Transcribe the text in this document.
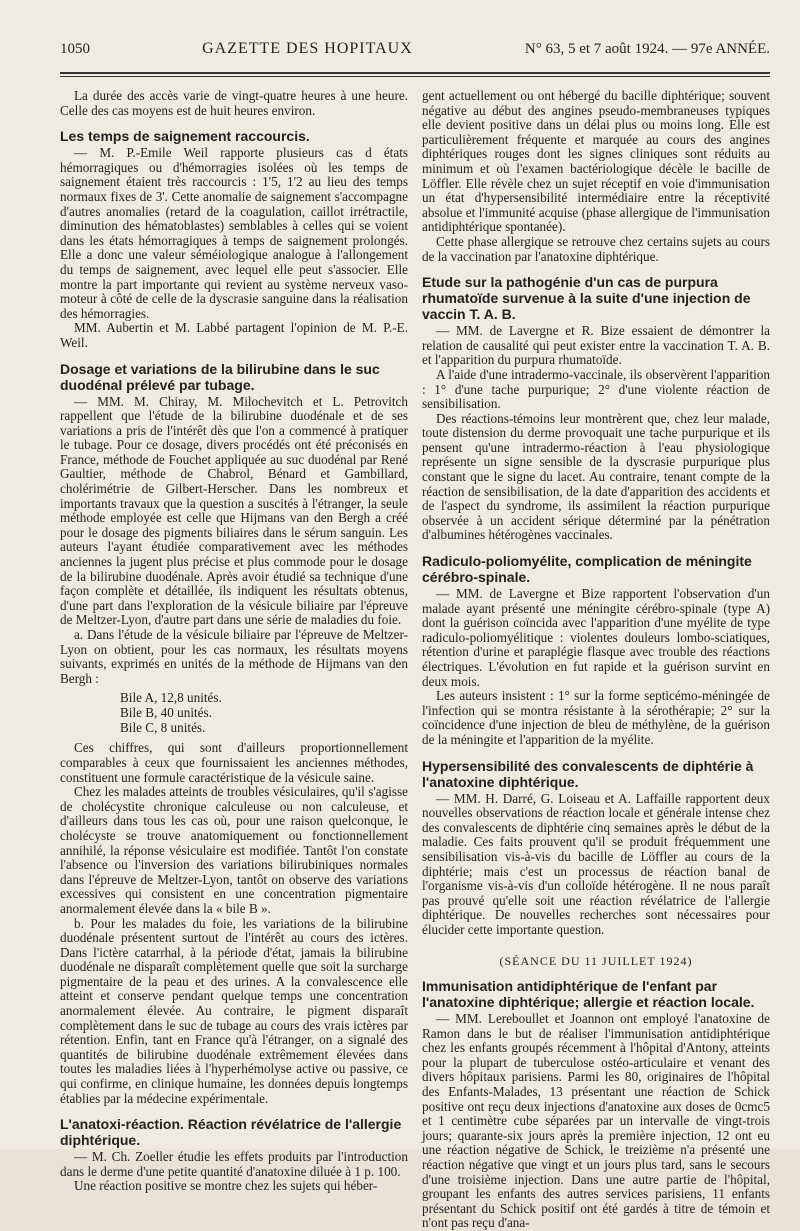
1050	GAZETTE DES HOPITAUX	N° 63, 5 et 7 août 1924. — 97e ANNÉE.

La durée des accès varie de vingt-quatre heures à une heure. Celle des cas moyens est de huit heures environ.

Les temps de saignement raccourcis.

— M. P.-Emile Weil rapporte plusieurs cas d états hémorragiques ou d'hémorragies isolées où les temps de saignement étaient très raccourcis : 1'5, 1'2 au lieu des temps normaux fixes de 3'. Cette anomalie de saignement s'accompagne d'autres anomalies (retard de la coagulation, caillot irrétractile, diminution des hématoblastes) semblables à celles qui se voient dans les états hémorragiques à temps de saignement prolongés. Elle a donc une valeur séméiologique analogue à l'allongement du temps de saignement, avec lequel elle peut s'associer. Elle montre la part importante qui revient au système nerveux vaso-moteur à côté de celle de la dyscrasie sanguine dans la réalisation des hémorragies.

MM. Aubertin et M. Labbé partagent l'opinion de M. P.-E. Weil.

Dosage et variations de la bilirubine dans le suc duodénal prélevé par tubage.

— MM. M. Chiray, M. Milochevitch et L. Petrovitch rappellent que l'étude de la bilirubine duodénale et de ses variations a pris de l'intérêt dès que l'on a commencé à pratiquer le tubage. Pour ce dosage, divers procédés ont été préconisés en France, méthode de Fouchet appliquée au suc duodénal par René Gaultier, méthode de Chabrol, Bénard et Gambillard, cholérimétrie de Gilbert-Herscher. Dans les nombreux et importants travaux que la question a suscités à l'étranger, la seule méthode employée est celle que Hijmans van den Bergh a créé pour le dosage des pigments biliaires dans le sérum sanguin. Les auteurs l'ayant étudiée comparativement avec les méthodes anciennes la jugent plus précise et plus commode pour le dosage de la bilirubine duodénale. Après avoir étudié sa technique d'une façon complète et détaillée, ils indiquent les résultats obtenus, d'une part dans l'exploration de la vésicule biliaire par l'épreuve de Meltzer-Lyon, d'autre part dans une série de maladies du foie.

a. Dans l'étude de la vésicule biliaire par l'épreuve de Meltzer-Lyon on obtient, pour les cas normaux, les résultats moyens suivants, exprimés en unités de la méthode de Hijmans van den Bergh :

Bile A, 12,8 unités.
Bile B, 40 unités.
Bile C, 8 unités.

Ces chiffres, qui sont d'ailleurs proportionnellement comparables à ceux que fournissaient les anciennes méthodes, constituent une formule caractéristique de la vésicule saine.

Chez les malades atteints de troubles vésiculaires, qu'il s'agisse de cholécystite chronique calculeuse ou non calculeuse, et d'ailleurs dans tous les cas où, pour une raison quelconque, le cholécyste se trouve anatomiquement ou fonctionnellement annihilé, la réponse vésiculaire est modifiée. Tantôt l'on constate l'absence ou l'inversion des variations bilirubiniques normales dans l'épreuve de Meltzer-Lyon, tantôt on observe des variations excessives qui consistent en une concentration pigmentaire anormalement élevée dans la « bile B ».

b. Pour les malades du foie, les variations de la bilirubine duodénale présentent surtout de l'intérêt au cours des ictères. Dans l'ictère catarrhal, à la période d'état, jamais la bilirubine duodénale ne disparaît complètement quelle que soit la surcharge pigmentaire de la peau et des urines. A la convalescence elle atteint et conserve pendant quelque temps une concentration anormalement élevée. Au contraire, le pigment disparaît complètement dans le suc de tubage au cours des vrais ictères par rétention. Enfin, tant en France qu'à l'étranger, on a signalé des quantités de bilirubine duodénale extrêmement élevées dans toutes les maladies liées à l'hyperhémolyse active ou passive, ce qui confirme, en clinique humaine, les données depuis longtemps établies par la médecine expérimentale.

L'anatoxi-réaction. Réaction révélatrice de l'allergie diphtérique.

— M. Ch. Zoeller étudie les effets produits par l'introduction dans le derme d'une petite quantité d'anatoxine diluée à 1 p. 100.

Une réaction positive se montre chez les sujets qui héber-

gent actuellement ou ont hébergé du bacille diphtérique; souvent négative au début des angines pseudo-membraneuses typiques elle devient positive dans un délai plus ou moins long. Elle est particulièrement fréquente et marquée au cours des angines diphtériques rouges dont les signes cliniques sont réduits au minimum et où l'examen bactériologique décèle le bacille de Löffler. Elle révèle chez un sujet réceptif en voie d'immunisation un état d'hypersensibilité intermédiaire entre la réceptivité absolue et l'immunité acquise (phase allergique de l'immunisation antidiphtérique spontanée).

Cette phase allergique se retrouve chez certains sujets au cours de la vaccination par l'anatoxine diphtérique.

Etude sur la pathogénie d'un cas de purpura rhumatoïde survenue à la suite d'une injection de vaccin T. A. B.

— MM. de Lavergne et R. Bize essaient de démontrer la relation de causalité qui peut exister entre la vaccination T. A. B. et l'apparition du purpura rhumatoïde.

A l'aide d'une intradermo-vaccinale, ils observèrent l'apparition : 1° d'une tache purpurique; 2° d'une violente réaction de sensibilisation.

Des réactions-témoins leur montrèrent que, chez leur malade, toute distension du derme provoquait une tache purpurique et ils pensent qu'une intradermo-réaction à l'eau physiologique représente un signe sensible de la dyscrasie purpurique plus constant que le signe du lacet. Au contraire, tenant compte de la réaction de sensibilisation, de la date d'apparition des accidents et de l'aspect du syndrome, ils assimilent la réaction purpurique observée à un accident sérique déterminé par la pénétration d'albumines hétérogènes vaccinales.

Radiculo-poliomyélite, complication de méningite cérébro-spinale.

— MM. de Lavergne et Bize rapportent l'observation d'un malade ayant présenté une méningite cérébro-spinale (type A) dont la guérison coïncida avec l'apparition d'une myélite de type radiculo-poliomyélitique : violentes douleurs lombo-sciatiques, rétention d'urine et paraplégie flasque avec trouble des réactions électriques. L'évolution en fut rapide et la guérison survint en deux mois.

Les auteurs insistent : 1° sur la forme septicémo-méningée de l'infection qui se montra résistante à la sérothérapie; 2° sur la coïncidence d'une injection de bleu de méthylène, de la guérison de la méningite et l'apparition de la myélite.

Hypersensibilité des convalescents de diphtérie à l'anatoxine diphtérique.

— MM. H. Darré, G. Loiseau et A. Laffaille rapportent deux nouvelles observations de réaction locale et générale intense chez des convalescents de diphtérie cinq semaines après le début de la maladie. Ces faits prouvent qu'il se produit fréquemment une sensibilisation vis-à-vis du bacille de Löffler au cours de la diphtérie; mais c'est un processus de réaction banal de l'organisme vis-à-vis d'un colloïde hétérogène. Il ne nous paraît pas prouvé qu'elle soit une réaction révélatrice de l'allergie diphtérique. De nouvelles recherches sont nécessaires pour élucider cette importante question.

(SÉANCE DU 11 JUILLET 1924)
Immunisation antidiphtérique de l'enfant par l'anatoxine diphtérique; allergie et réaction locale.

— MM. Lereboullet et Joannon ont employé l'anatoxine de Ramon dans le but de réaliser l'immunisation antidiphtérique chez les enfants groupés récemment à l'hôpital d'Antony, atteints pour la plupart de tuberculose ostéo-articulaire et venant des divers hôpitaux parisiens. Parmi les 80, originaires de l'hôpital des Enfants-Malades, 13 présentant une réaction de Schick positive ont reçu deux injections d'anatoxine aux doses de 0cmc5 et 1 centimètre cube séparées par un intervalle de vingt-trois jours; quarante-six jours après la première injection, 12 ont eu une réaction négative de Schick, le treizième n'a présenté une réaction négative que vingt et un jours plus tard, sans le secours d'une troisième injection. Dans une autre partie de l'hôpital, groupant les enfants des autres services parisiens, 11 enfants présentant du Schick positif ont été gardés à titre de témoin et n'ont pas reçu d'ana-
